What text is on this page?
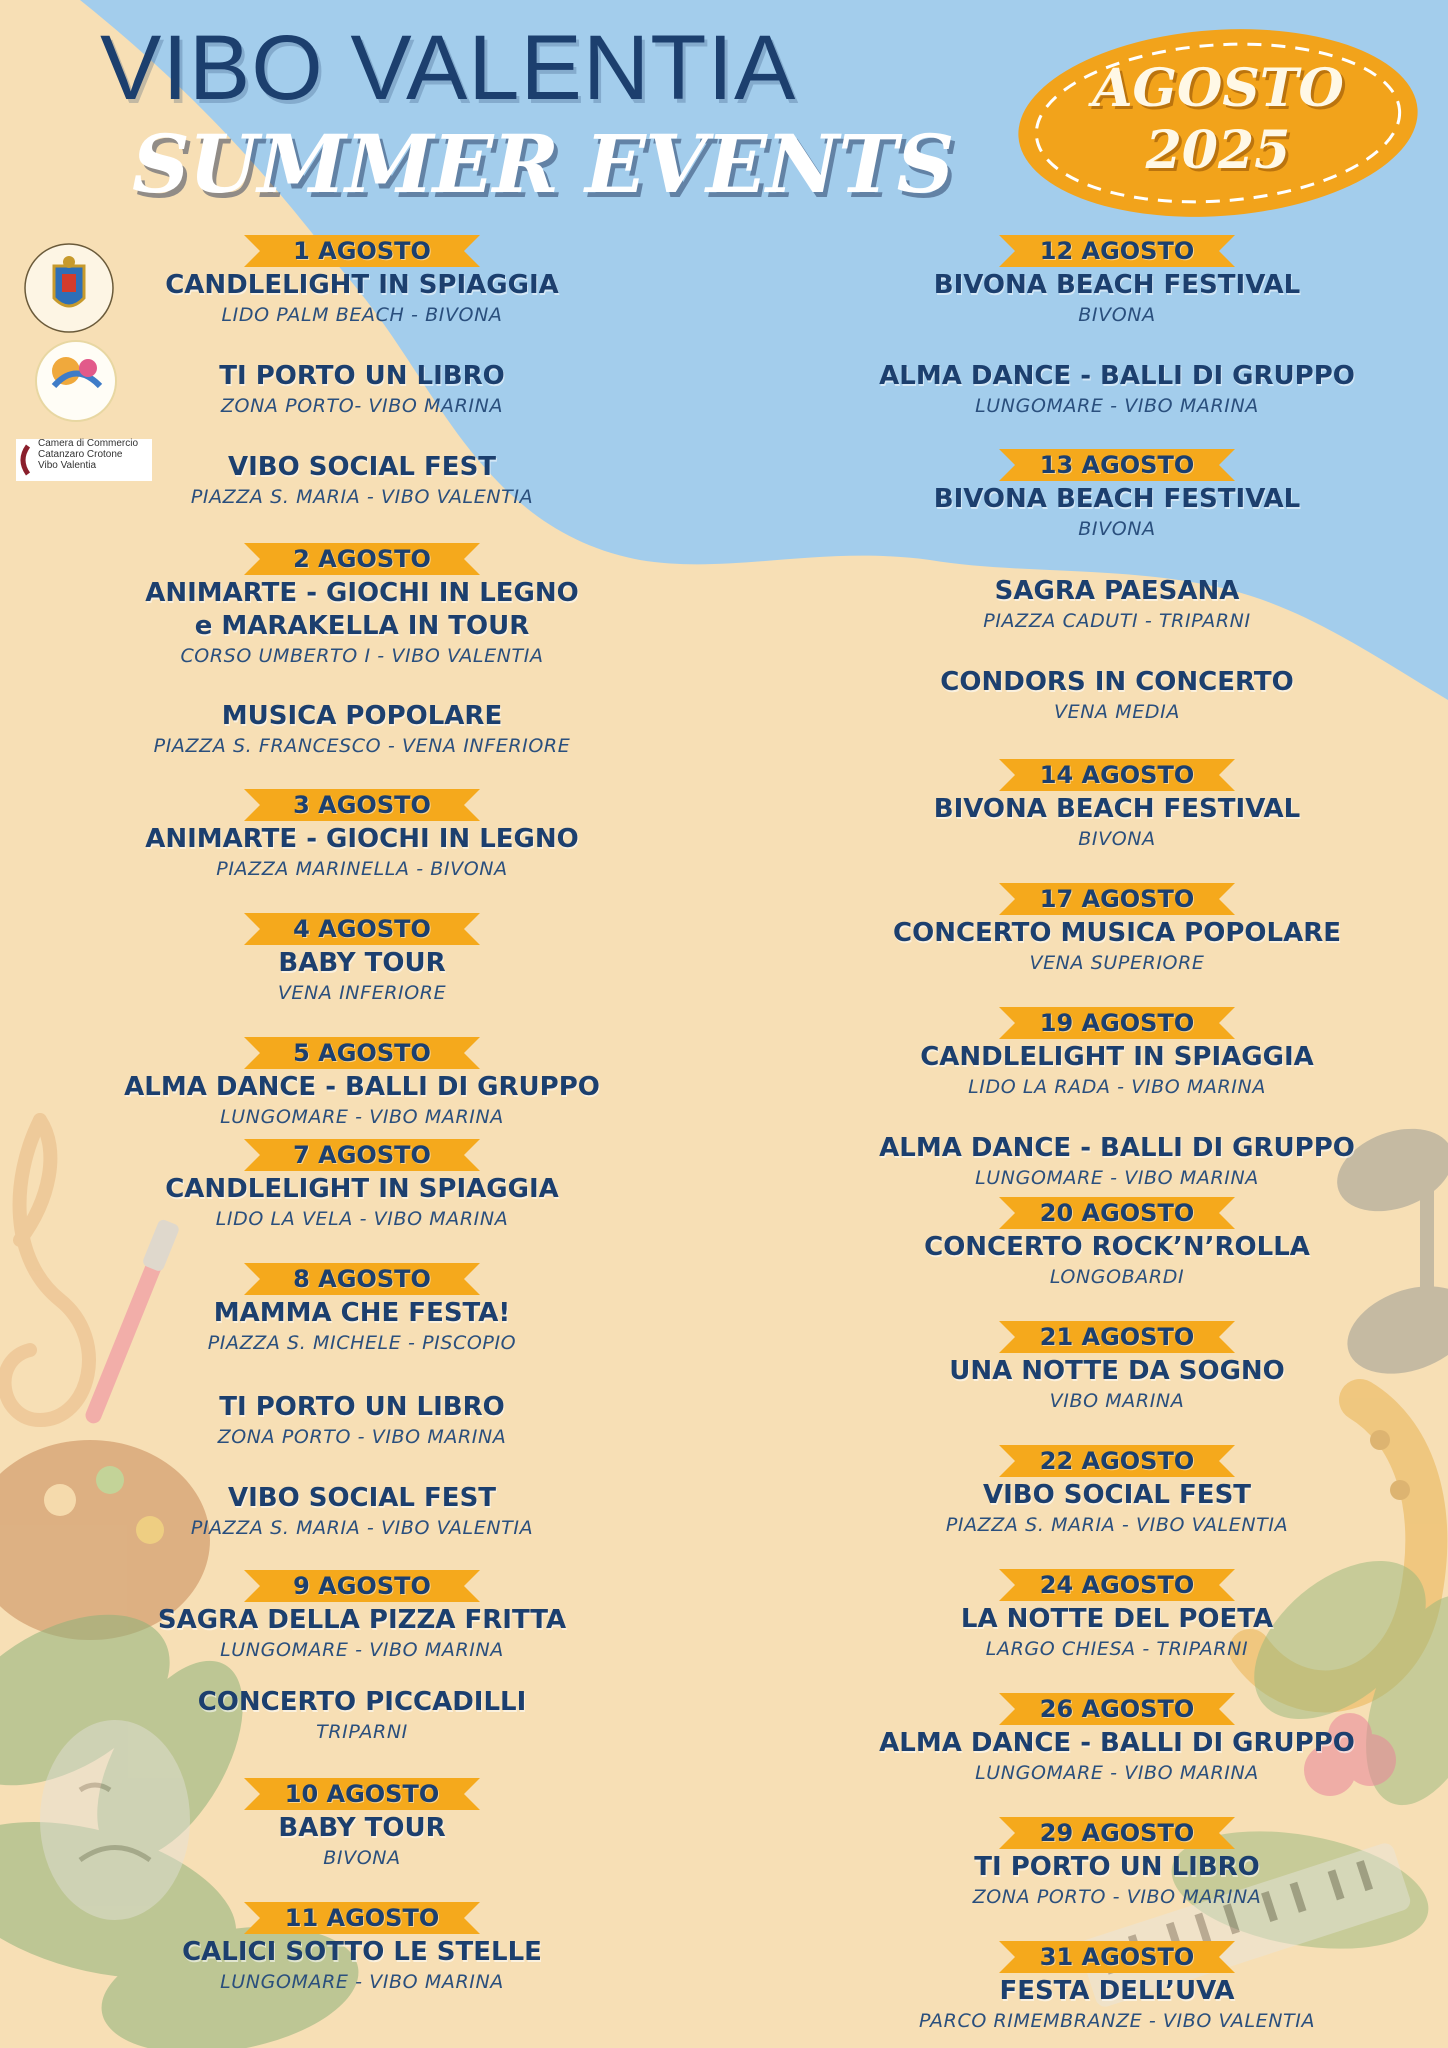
VIBO VALENTIA
SUMMER EVENTS
AGOSTO
2025
Camera di Commercio
Catanzaro Crotone
Vibo Valentia
1 AGOSTO
CANDLELIGHT IN SPIAGGIA
LIDO PALM BEACH - BIVONA
TI PORTO UN LIBRO
ZONA PORTO- VIBO MARINA
VIBO SOCIAL FEST
PIAZZA S. MARIA - VIBO VALENTIA
2 AGOSTO
ANIMARTE - GIOCHI IN LEGNO
e MARAKELLA IN TOUR
CORSO UMBERTO I - VIBO VALENTIA
MUSICA POPOLARE
PIAZZA S. FRANCESCO - VENA INFERIORE
3 AGOSTO
ANIMARTE - GIOCHI IN LEGNO
PIAZZA MARINELLA - BIVONA
4 AGOSTO
BABY TOUR
VENA INFERIORE
5 AGOSTO
ALMA DANCE - BALLI DI GRUPPO
LUNGOMARE - VIBO MARINA
7 AGOSTO
CANDLELIGHT IN SPIAGGIA
LIDO LA VELA - VIBO MARINA
8 AGOSTO
MAMMA CHE FESTA!
PIAZZA S. MICHELE - PISCOPIO
TI PORTO UN LIBRO
ZONA PORTO - VIBO MARINA
VIBO SOCIAL FEST
PIAZZA S. MARIA - VIBO VALENTIA
9 AGOSTO
SAGRA DELLA PIZZA FRITTA
LUNGOMARE - VIBO MARINA
CONCERTO PICCADILLI
TRIPARNI
10 AGOSTO
BABY TOUR
BIVONA
11 AGOSTO
CALICI SOTTO LE STELLE
LUNGOMARE - VIBO MARINA
12 AGOSTO
BIVONA BEACH FESTIVAL
BIVONA
ALMA DANCE - BALLI DI GRUPPO
LUNGOMARE - VIBO MARINA
13 AGOSTO
BIVONA BEACH FESTIVAL
BIVONA
SAGRA PAESANA
PIAZZA CADUTI - TRIPARNI
CONDORS IN CONCERTO
VENA MEDIA
14 AGOSTO
BIVONA BEACH FESTIVAL
BIVONA
17 AGOSTO
CONCERTO MUSICA POPOLARE
VENA SUPERIORE
19 AGOSTO
CANDLELIGHT IN SPIAGGIA
LIDO LA RADA - VIBO MARINA
ALMA DANCE - BALLI DI GRUPPO
LUNGOMARE - VIBO MARINA
20 AGOSTO
CONCERTO ROCK’N’ROLLA
LONGOBARDI
21 AGOSTO
UNA NOTTE DA SOGNO
VIBO MARINA
22 AGOSTO
VIBO SOCIAL FEST
PIAZZA S. MARIA - VIBO VALENTIA
24 AGOSTO
LA NOTTE DEL POETA
LARGO CHIESA - TRIPARNI
26 AGOSTO
ALMA DANCE - BALLI DI GRUPPO
LUNGOMARE - VIBO MARINA
29 AGOSTO
TI PORTO UN LIBRO
ZONA PORTO - VIBO MARINA
31 AGOSTO
FESTA DELL’UVA
PARCO RIMEMBRANZE - VIBO VALENTIA
